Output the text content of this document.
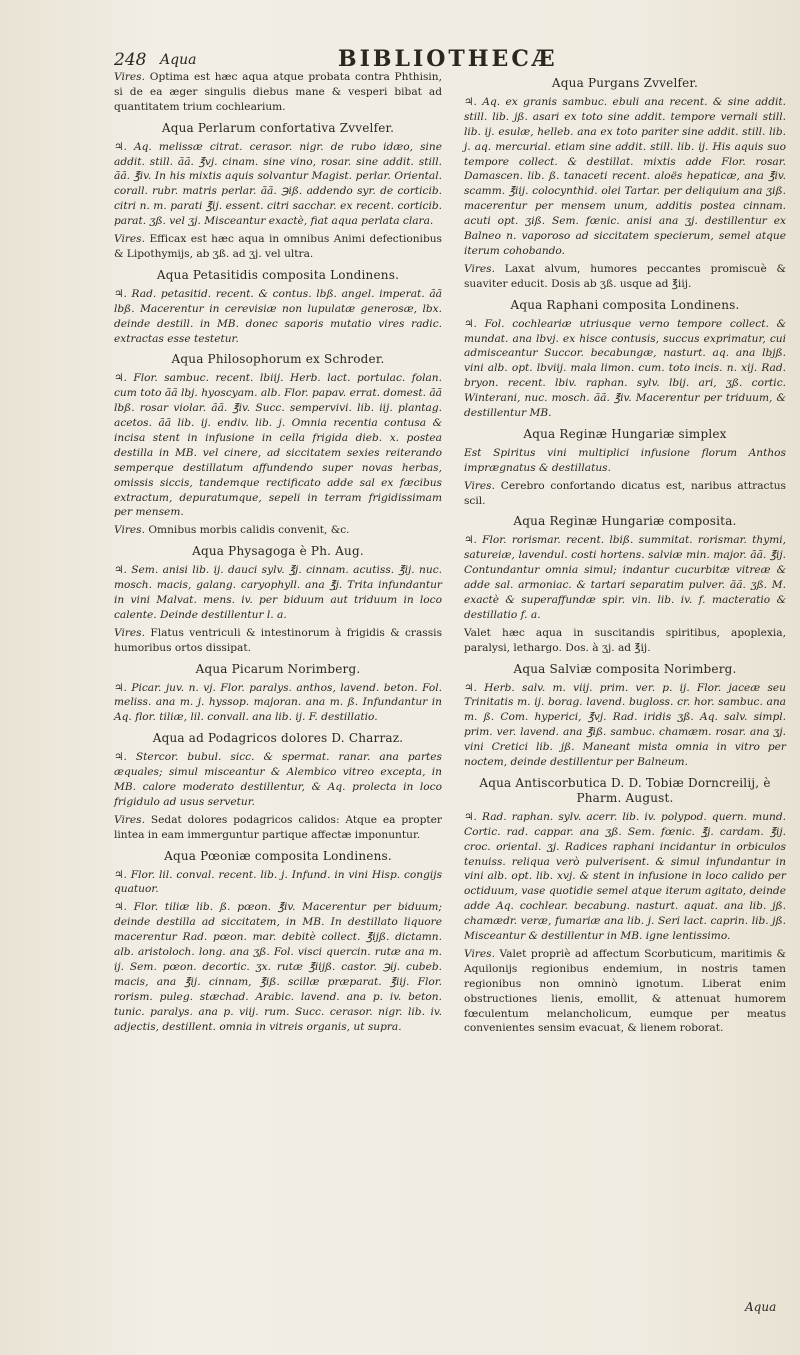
248 Aqua	BIBLIOTHECÆ

Vires. Optima est hæc aqua atque probata contra Phthisin, si de ea æger singulis diebus mane & vesperi bibat ad quantitatem trium cochlearium.

Aqua Perlarum confortativa Zvvelfer.

♃. Aq. melissæ citrat. cerasor. nigr. de rubo idæo, sine addit. still. ãã. ℥vj. cinam. sine vino, rosar. sine addit. still. ãã. ℥iv. In his mixtis aquis solvantur Magist. perlar. Oriental. corall. rubr. matris perlar. ãã. ℈iß. addendo syr. de corticib. citri n. m. parati ℥ij. essent. citri sacchar. ex recent. corticib. parat. ʒß. vel ʒj. Misceantur exactè, fiat aqua perlata clara.

Vires. Efficax est hæc aqua in omnibus Animi defectionibus & Lipothymijs, ab ʒß. ad ʒj. vel ultra.

Aqua Petasitidis composita Londinens.

♃. Rad. petasitid. recent. & contus. lbß. angel. imperat. ãã lbß. Macerentur in cerevisiæ non lupulatæ generosæ, lbx. deinde destill. in MB. donec saporis mutatio vires radic. extractas esse testetur.

Aqua Philosophorum ex Schroder.

♃. Flor. sambuc. recent. lbiij. Herb. lact. portulac. folan. cum toto ãã lbj. hyoscyam. alb. Flor. papav. errat. domest. ãã lbß. rosar violar. ãã. ℥iv. Succ. sempervivi. lib. iij. plantag. acetos. ãã lib. ij. endiv. lib. j. Omnia recentia contusa & incisa stent in infusione in cella frigida dieb. x. postea destilla in MB. vel cinere, ad siccitatem sexies reiterando semperque destillatum affundendo super novas herbas, omissis siccis, tandemque rectificato adde sal ex fæcibus extractum, depuratumque, sepeli in terram frigidissimam per mensem.

Vires. Omnibus morbis calidis convenit, &c.

Aqua Physagoga è Ph. Aug.

♃. Sem. anisi lib. ij. dauci sylv. ℥j. cinnam. acutiss. ℥ij. nuc. mosch. macis, galang. caryophyll. ana ℥j. Trita infundantur in vini Malvat. mens. iv. per biduum aut triduum in loco calente. Deinde destillentur l. a.

Vires. Flatus ventriculi & intestinorum à frigidis & crassis humoribus ortos dissipat.

Aqua Picarum Norimberg.

♃. Picar. juv. n. vj. Flor. paralys. anthos, lavend. beton. Fol. meliss. ana m. j. hyssop. majoran. ana m. ß. Infundantur in Aq. flor. tiliæ, lil. convall. ana lib. ij. F. destillatio.

Aqua ad Podagricos dolores D. Charraz.

♃. Stercor. bubul. sicc. & spermat. ranar. ana partes æquales; simul misceantur & Alembico vitreo excepta, in MB. calore moderato destillentur, & Aq. prolecta in loco frigidulo ad usus servetur.

Vires. Sedat dolores podagricos calidos: Atque ea propter lintea in eam immerguntur partique affectæ imponuntur.

Aqua Pœoniæ composita Londinens.

♃. Flor. lil. conval. recent. lib. j. Infund. in vini Hisp. congijs quatuor.

♃. Flor. tiliæ lib. ß. pœon. ℥iv. Macerentur per biduum; deinde destilla ad siccitatem, in MB. In destillato liquore macerentur Rad. pœon. mar. debitè collect. ℥ijß. dictamn. alb. aristoloch. long. ana ʒß. Fol. visci quercin. rutæ ana m. ij. Sem. pœon. decortic. ʒx. rutæ ℥iijß. castor. ℈ij. cubeb. macis, ana ℥ij. cinnam, ℥iß. scillæ præparat. ℥iij. Flor. rorism. puleg. stæchad. Arabic. lavend. ana p. iv. beton. tunic. paralys. ana p. viij. rum. Succ. cerasor. nigr. lib. iv. adjectis, destillent. omnia in vitreis organis, ut supra.

Aqua Purgans Zvvelfer.

♃. Aq. ex granis sambuc. ebuli ana recent. & sine addit. still. lib. jß. asari ex toto sine addit. tempore vernali still. lib. ij. esulæ, helleb. ana ex toto pariter sine addit. still. lib. j. aq. mercurial. etiam sine addit. still. lib. ij. His aquis suo tempore collect. & destillat. mixtis adde Flor. rosar. Damascen. lib. ß. tanaceti recent. aloës hepaticæ, ana ℥iv. scamm. ℥iij. colocynthid. olei Tartar. per deliquium ana ʒiß. macerentur per mensem unum, additis postea cinnam. acuti opt. ʒiß. Sem. fœnic. anisi ana ʒj. destillentur ex Balneo n. vaporoso ad siccitatem specierum, semel atque iterum cohobando.

Vires. Laxat alvum, humores peccantes promiscuè & suaviter educit. Dosis ab ʒß. usque ad ℥iij.

Aqua Raphani composita Londinens.

♃. Fol. cochleariæ utriusque verno tempore collect. & mundat. ana lbvj. ex hisce contusis, succus exprimatur, cui admisceantur Succor. becabungæ, nasturt. aq. ana lbjß. vini alb. opt. lbviij. mala limon. cum. toto incis. n. xij. Rad. bryon. recent. lbiv. raphan. sylv. lbij. ari, ʒß. cortic. Winterani, nuc. mosch. ãã. ℥iv. Macerentur per triduum, & destillentur MB.

Aqua Reginæ Hungariæ simplex

Est Spiritus vini multiplici infusione florum Anthos imprægnatus & destillatus.

Vires. Cerebro confortando dicatus est, naribus attractus scil.

Aqua Reginæ Hungariæ composita.

♃. Flor. rorismar. recent. lbiß. summitat. rorismar. thymi, satureiæ, lavendul. costi hortens. salviæ min. major. ãã. ℥ij. Contundantur omnia simul; indantur cucurbitæ vitreæ & adde sal. armoniac. & tartari separatim pulver. ãã. ʒß. M. exactè & superaffundæ spir. vin. lib. iv. f. macteratio & destillatio f. a.

Valet hæc aqua in suscitandis spiritibus, apoplexia, paralysi, lethargo. Dos. à ʒj. ad ℥ij.

Aqua Salviæ composita Norimberg.

♃. Herb. salv. m. viij. prim. ver. p. ij. Flor. jaceæ seu Trinitatis m. ij. borag. lavend. bugloss. cr. hor. sambuc. ana m. ß. Com. hyperici, ℥vj. Rad. iridis ʒß. Aq. salv. simpl. prim. ver. lavend. ana ℥iß. sambuc. chamæm. rosar. ana ʒj. vini Cretici lib. jß. Maneant mista omnia in vitro per noctem, deinde destillentur per Balneum.

Aqua Antiscorbutica D. D. Tobiæ Dorncreilij, è Pharm. August.

♃. Rad. raphan. sylv. acerr. lib. iv. polypod. quern. mund. Cortic. rad. cappar. ana ʒß. Sem. fœnic. ℥j. cardam. ℥ij. croc. oriental. ʒj. Radices raphani incidantur in orbiculos tenuiss. reliqua verò pulverisent. & simul infundantur in vini alb. opt. lib. xvj. & stent in infusione in loco calido per octiduum, vase quotidie semel atque iterum agitato, deinde adde Aq. cochlear. becabung. nasturt. aquat. ana lib. jß. chamædr. veræ, fumariæ ana lib. j. Seri lact. caprin. lib. jß. Misceantur & destillentur in MB. igne lentissimo.

Vires. Valet propriè ad affectum Scorbuticum, maritimis & Aquilonijs regionibus endemium, in nostris tamen regionibus non omninò ignotum. Liberat enim obstructiones lienis, emollit, & attenuat humorem fœculentum melancholicum, eumque per meatus convenientes sensim evacuat, & lienem roborat.

Aqua
